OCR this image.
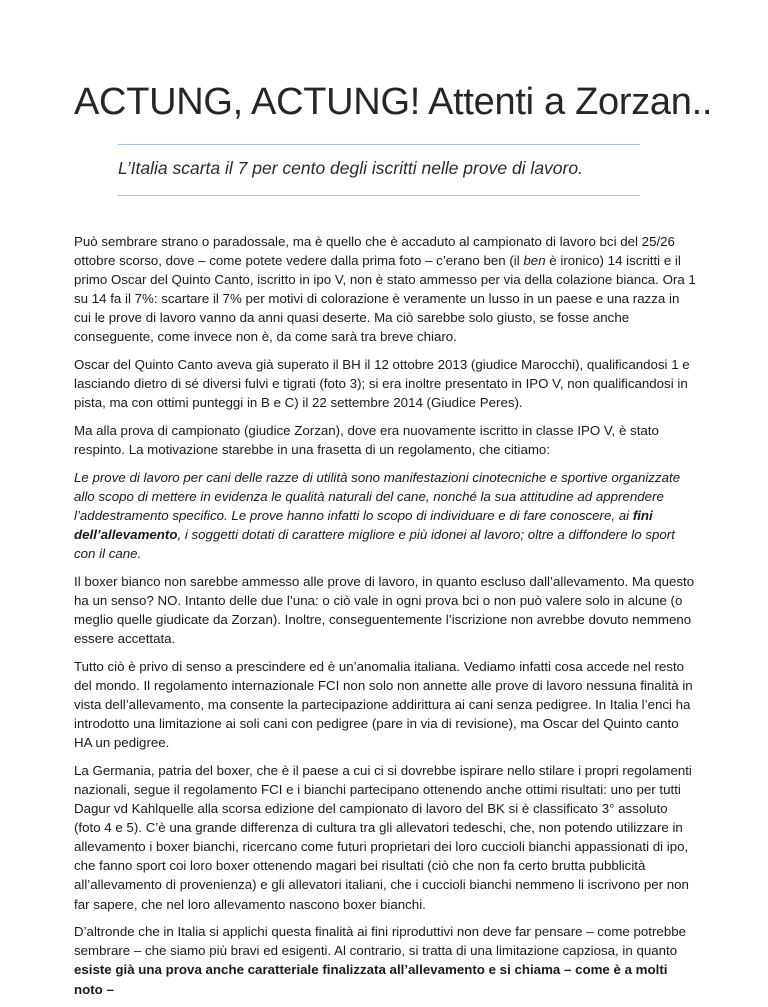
ACTUNG, ACTUNG! Attenti a Zorzan..
L’Italia scarta il 7 per cento degli iscritti nelle prove di lavoro.

Può sembrare strano o paradossale, ma è quello che è accaduto al campionato di lavoro bci del 25/26 ottobre scorso, dove – come potete vedere dalla prima foto – c’erano ben (il ben è ironico) 14 iscritti e il primo Oscar del Quinto Canto, iscritto in ipo V, non è stato ammesso per via della colazione bianca. Ora 1 su 14 fa il 7%: scartare il 7% per motivi di colorazione è veramente un lusso in un paese e una razza in cui le prove di lavoro vanno da anni quasi deserte. Ma ciò sarebbe solo giusto, se fosse anche conseguente, come invece non è, da come sarà tra breve chiaro.

Oscar del Quinto Canto aveva già superato il BH il 12 ottobre 2013 (giudice Marocchi), qualificandosi 1 e lasciando dietro di sé diversi fulvi e tigrati (foto 3); si era inoltre presentato in IPO V, non qualificandosi in pista, ma con ottimi punteggi in B e C) il 22 settembre 2014 (Giudice Peres).

Ma alla prova di campionato (giudice Zorzan), dove era nuovamente iscritto in classe IPO V, è stato respinto. La motivazione starebbe in una frasetta di un regolamento, che citiamo:

Le prove di lavoro per cani delle razze di utilità sono manifestazioni cinotecniche e sportive organizzate allo scopo di mettere in evidenza le qualità naturali del cane, nonché la sua attitudine ad apprendere l’addestramento specifico. Le prove hanno infatti lo scopo di individuare e di fare conoscere, ai fini dell’allevamento, i soggetti dotati di carattere migliore e più idonei al lavoro; oltre a diffondere lo sport con il cane.

Il boxer bianco non sarebbe ammesso alle prove di lavoro, in quanto escluso dall’allevamento. Ma questo ha un senso? NO. Intanto delle due l’una: o ciò vale in ogni prova bci o non può valere solo in alcune (o meglio quelle giudicate da Zorzan). Inoltre, conseguentemente l’iscrizione non avrebbe dovuto nemmeno essere accettata.

Tutto ciò è privo di senso a prescindere ed è un’anomalia italiana. Vediamo infatti cosa accede nel resto del mondo. Il regolamento internazionale FCI non solo non annette alle prove di lavoro nessuna finalità in vista dell’allevamento, ma consente la partecipazione addirittura ai cani senza pedigree. In Italia l’enci ha introdotto una limitazione ai soli cani con pedigree (pare in via di revisione), ma Oscar del Quinto canto HA un pedigree.

La Germania, patria del boxer, che è il paese a cui ci si dovrebbe ispirare nello stilare i propri regolamenti nazionali, segue il regolamento FCI e i bianchi partecipano ottenendo anche ottimi risultati: uno per tutti Dagur vd Kahlquelle alla scorsa edizione del campionato di lavoro del BK si è classificato 3° assoluto (foto 4 e 5). C’è una grande differenza di cultura tra gli allevatori tedeschi, che, non potendo utilizzare in allevamento i boxer bianchi, ricercano come futuri proprietari dei loro cuccioli bianchi appassionati di ipo, che fanno sport coi loro boxer ottenendo magari bei risultati (ciò che non fa certo brutta pubblicità all’allevamento di provenienza) e gli allevatori italiani, che i cuccioli bianchi nemmeno li iscrivono per non far sapere, che nel loro allevamento nascono boxer bianchi.

D’altronde che in Italia si applichi questa finalità ai fini riproduttivi non deve far pensare – come potrebbe sembrare – che siamo più bravi ed esigenti. Al contrario, si tratta di una limitazione capziosa, in quanto esiste già una prova anche caratteriale finalizzata all’allevamento e si chiama – come è a molti noto –
